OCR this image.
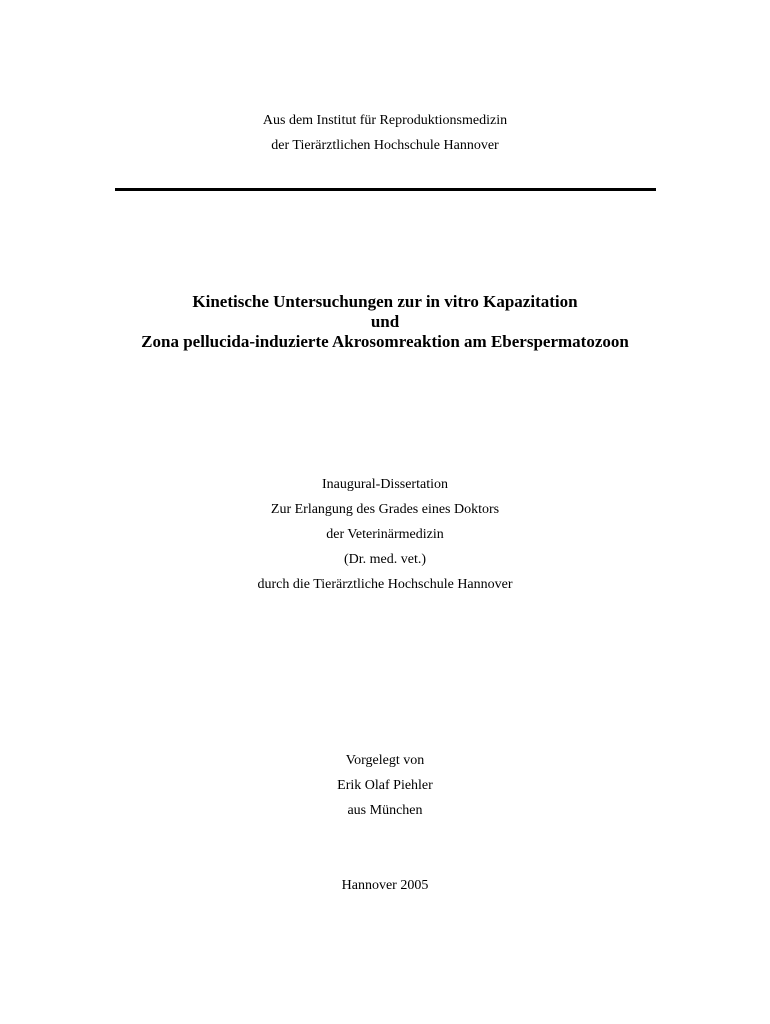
Aus dem Institut für Reproduktionsmedizin
der Tierärztlichen Hochschule Hannover
Kinetische Untersuchungen zur in vitro Kapazitation
und
Zona pellucida-induzierte Akrosomreaktion am Eberspermatozoon
Inaugural-Dissertation
Zur Erlangung des Grades eines Doktors
der Veterinärmedizin
(Dr. med. vet.)
durch die Tierärztliche Hochschule Hannover
Vorgelegt von
Erik Olaf Piehler
aus München
Hannover 2005
